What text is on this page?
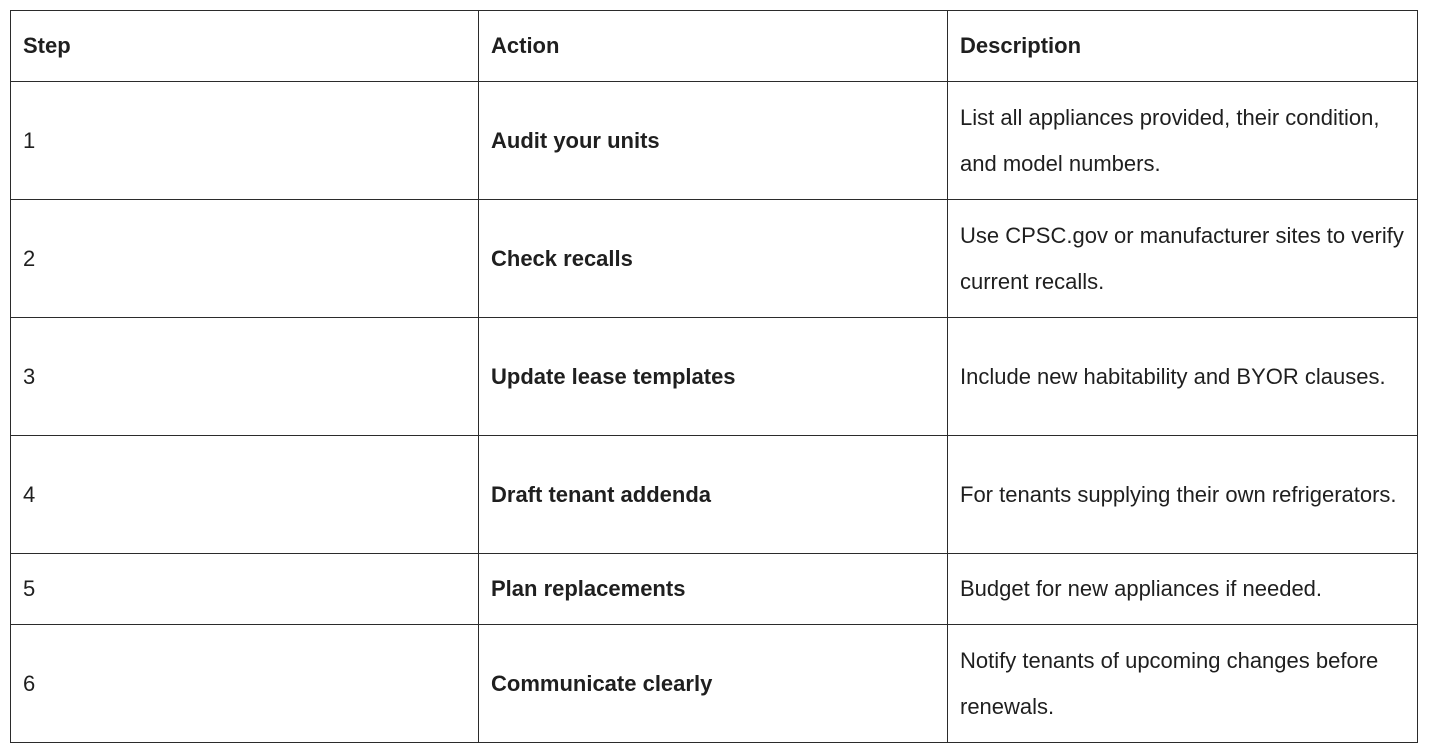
Step	Action	Description
1	Audit your units	List all appliances provided, their condition, and model numbers.
2	Check recalls	Use CPSC.gov or manufacturer sites to verify current recalls.
3	Update lease templates	Include new habitability and BYOR clauses.
4	Draft tenant addenda	For tenants supplying their own refrigerators.
5	Plan replacements	Budget for new appliances if needed.
6	Communicate clearly	Notify tenants of upcoming changes before renewals.
